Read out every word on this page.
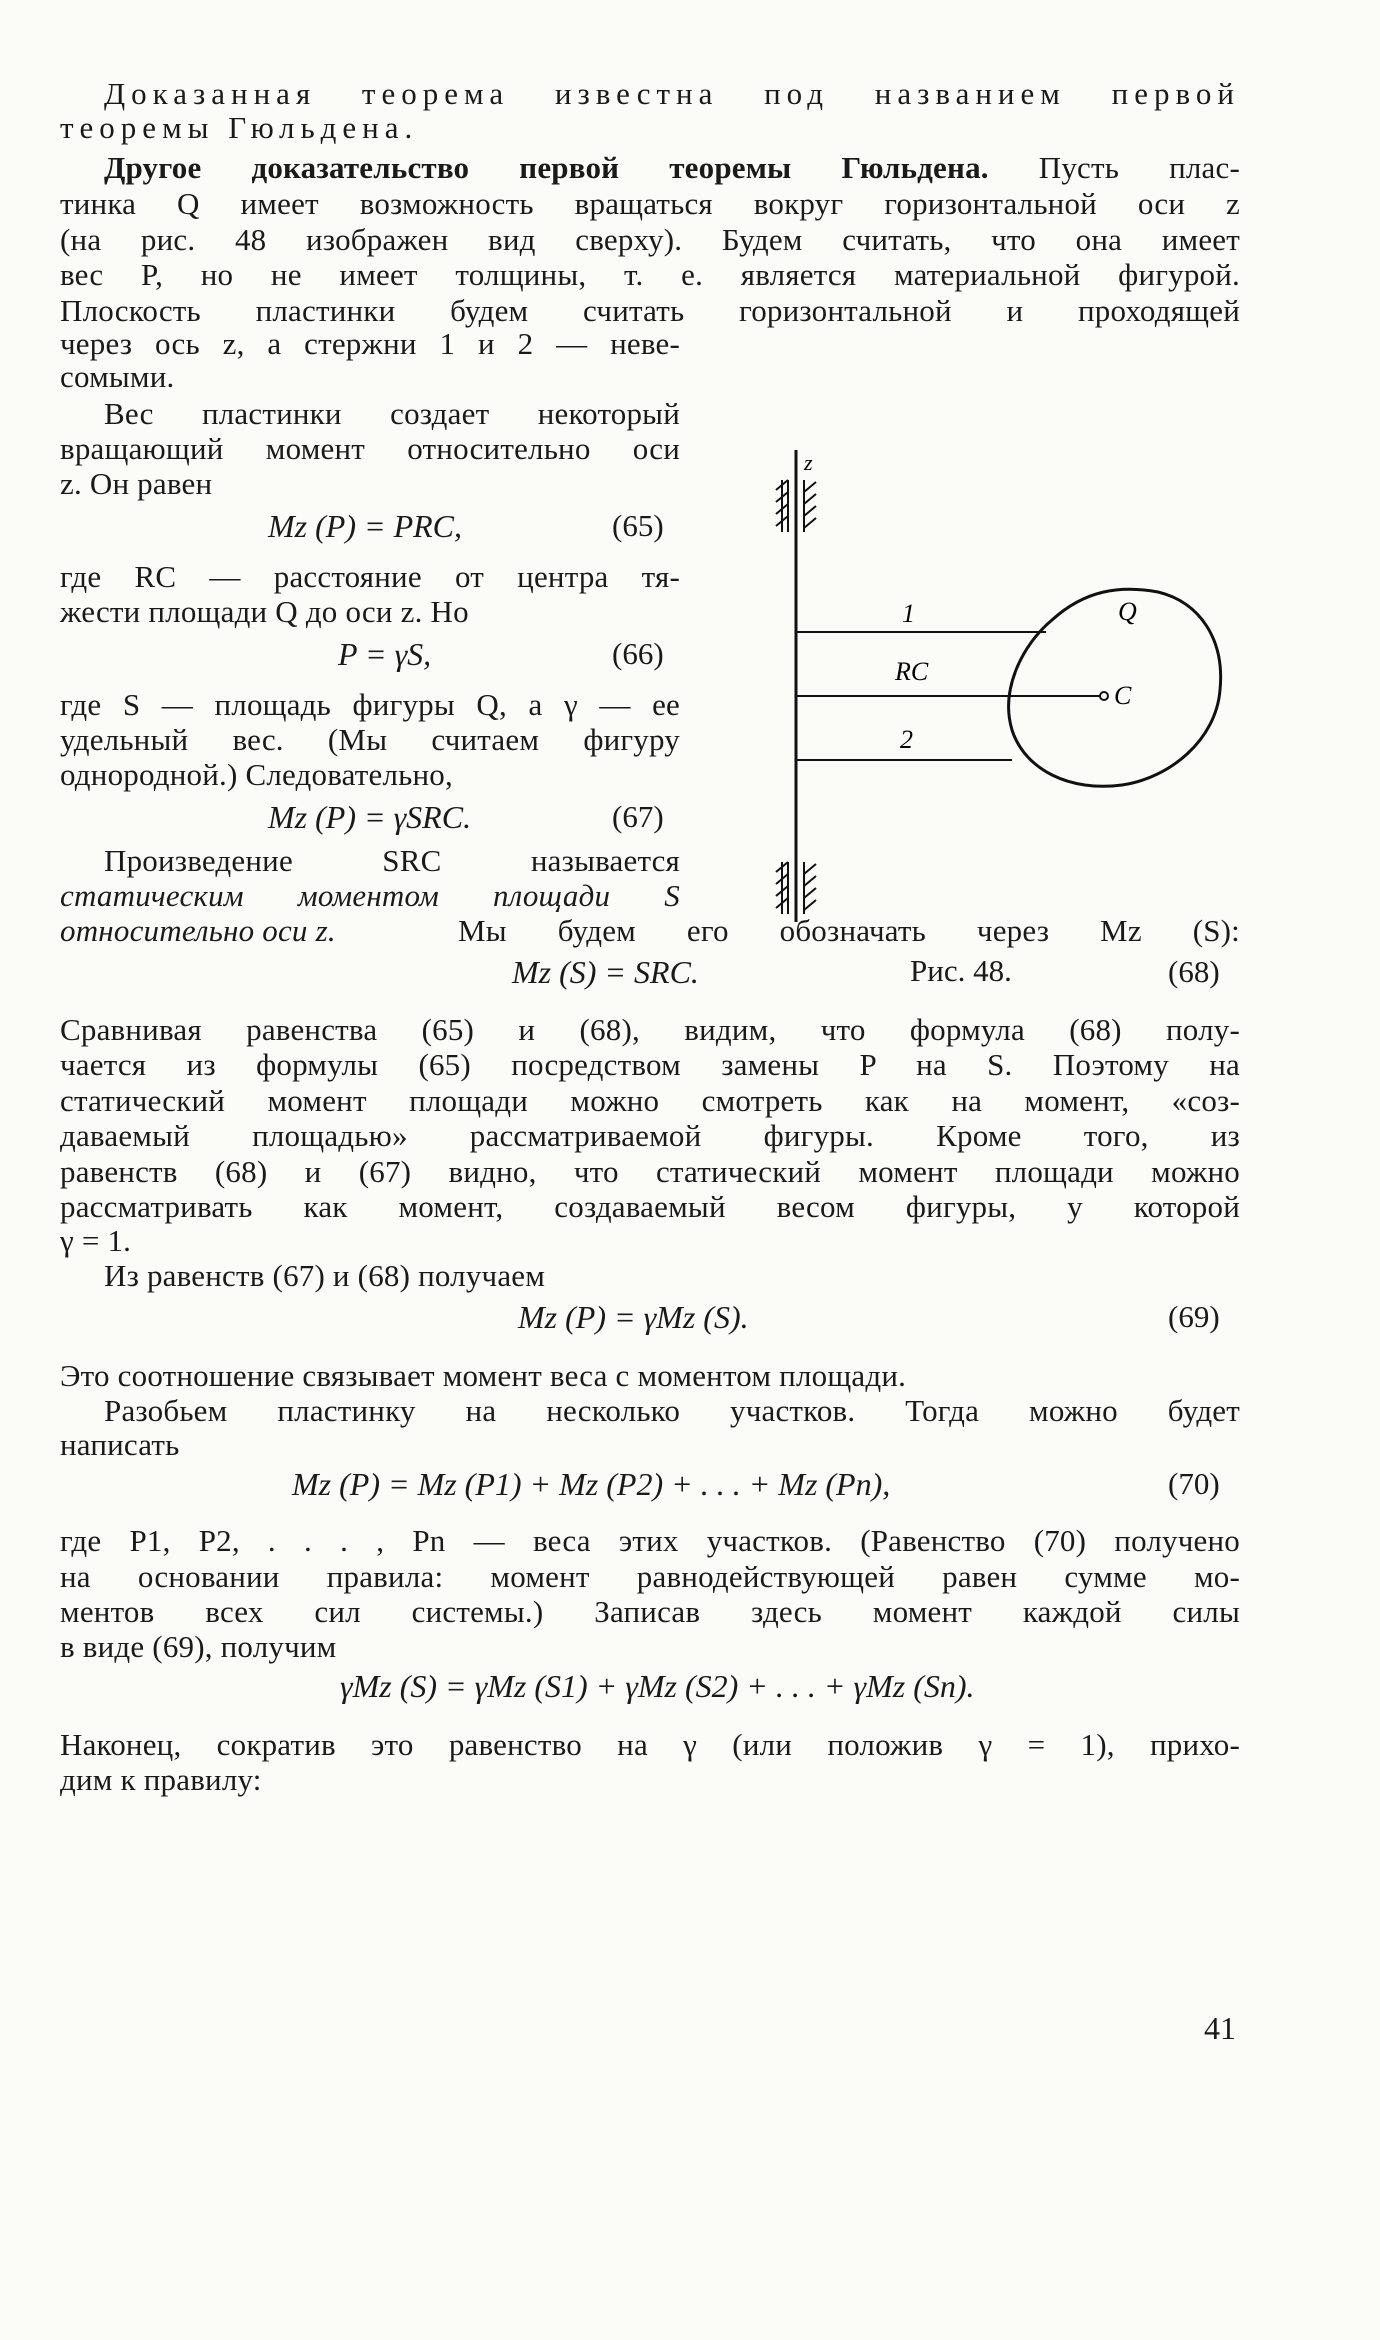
Доказанная теорема известна под названием первой
теоремы Гюльдена.
Другое доказательство первой теоремы Гюльдена. Пусть плас-
тинка Q имеет возможность вращаться вокруг горизонтальной оси z
(на рис. 48 изображен вид сверху). Будем считать, что она имеет
вес P, но не имеет толщины, т. е. является материальной фигурой.
Плоскость пластинки будем считать горизонтальной и проходящей
через ось z, а стержни 1 и 2 — неве-
сомыми.
Вес пластинки создает некоторый
вращающий момент относительно оси
z. Он равен
Mz (P) = PRC,	(65)
где RC — расстояние от центра тя-
жести площади Q до оси z. Но
P = γS,	(66)
где S — площадь фигуры Q, а γ — ее
удельный вес. (Мы считаем фигуру
однородной.) Следовательно,
Mz (P) = γSRC.	(67)
Произведение SRC называется
статическим моментом площади S
относительно оси z.	Мы будем его обозначать через Mz (S):
Mz (S) = SRC.	(68)
Сравнивая равенства (65) и (68), видим, что формула (68) полу-
чается из формулы (65) посредством замены P на S. Поэтому на
статический момент площади можно смотреть как на момент, «соз-
даваемый площадью» рассматриваемой фигуры. Кроме того, из
равенств (68) и (67) видно, что статический момент площади можно
рассматривать как момент, создаваемый весом фигуры, у которой
γ = 1.
Из равенств (67) и (68) получаем
Mz (P) = γMz (S).	(69)
Это соотношение связывает момент веса с моментом площади.
Разобьем пластинку на несколько участков. Тогда можно будет
написать
Mz (P) = Mz (P1) + Mz (P2) + . . . + Mz (Pn),	(70)
где P1, P2, . . . , Pn — веса этих участков. (Равенство (70) получено
на основании правила: момент равнодействующей равен сумме мо-
ментов всех сил системы.) Записав здесь момент каждой силы
в виде (69), получим
γMz (S) = γMz (S1) + γMz (S2) + . . . + γMz (Sn).
Наконец, сократив это равенство на γ (или положив γ = 1), прихо-
дим к правилу:
z
1
RC
2
Q
C
Рис. 48.
41
